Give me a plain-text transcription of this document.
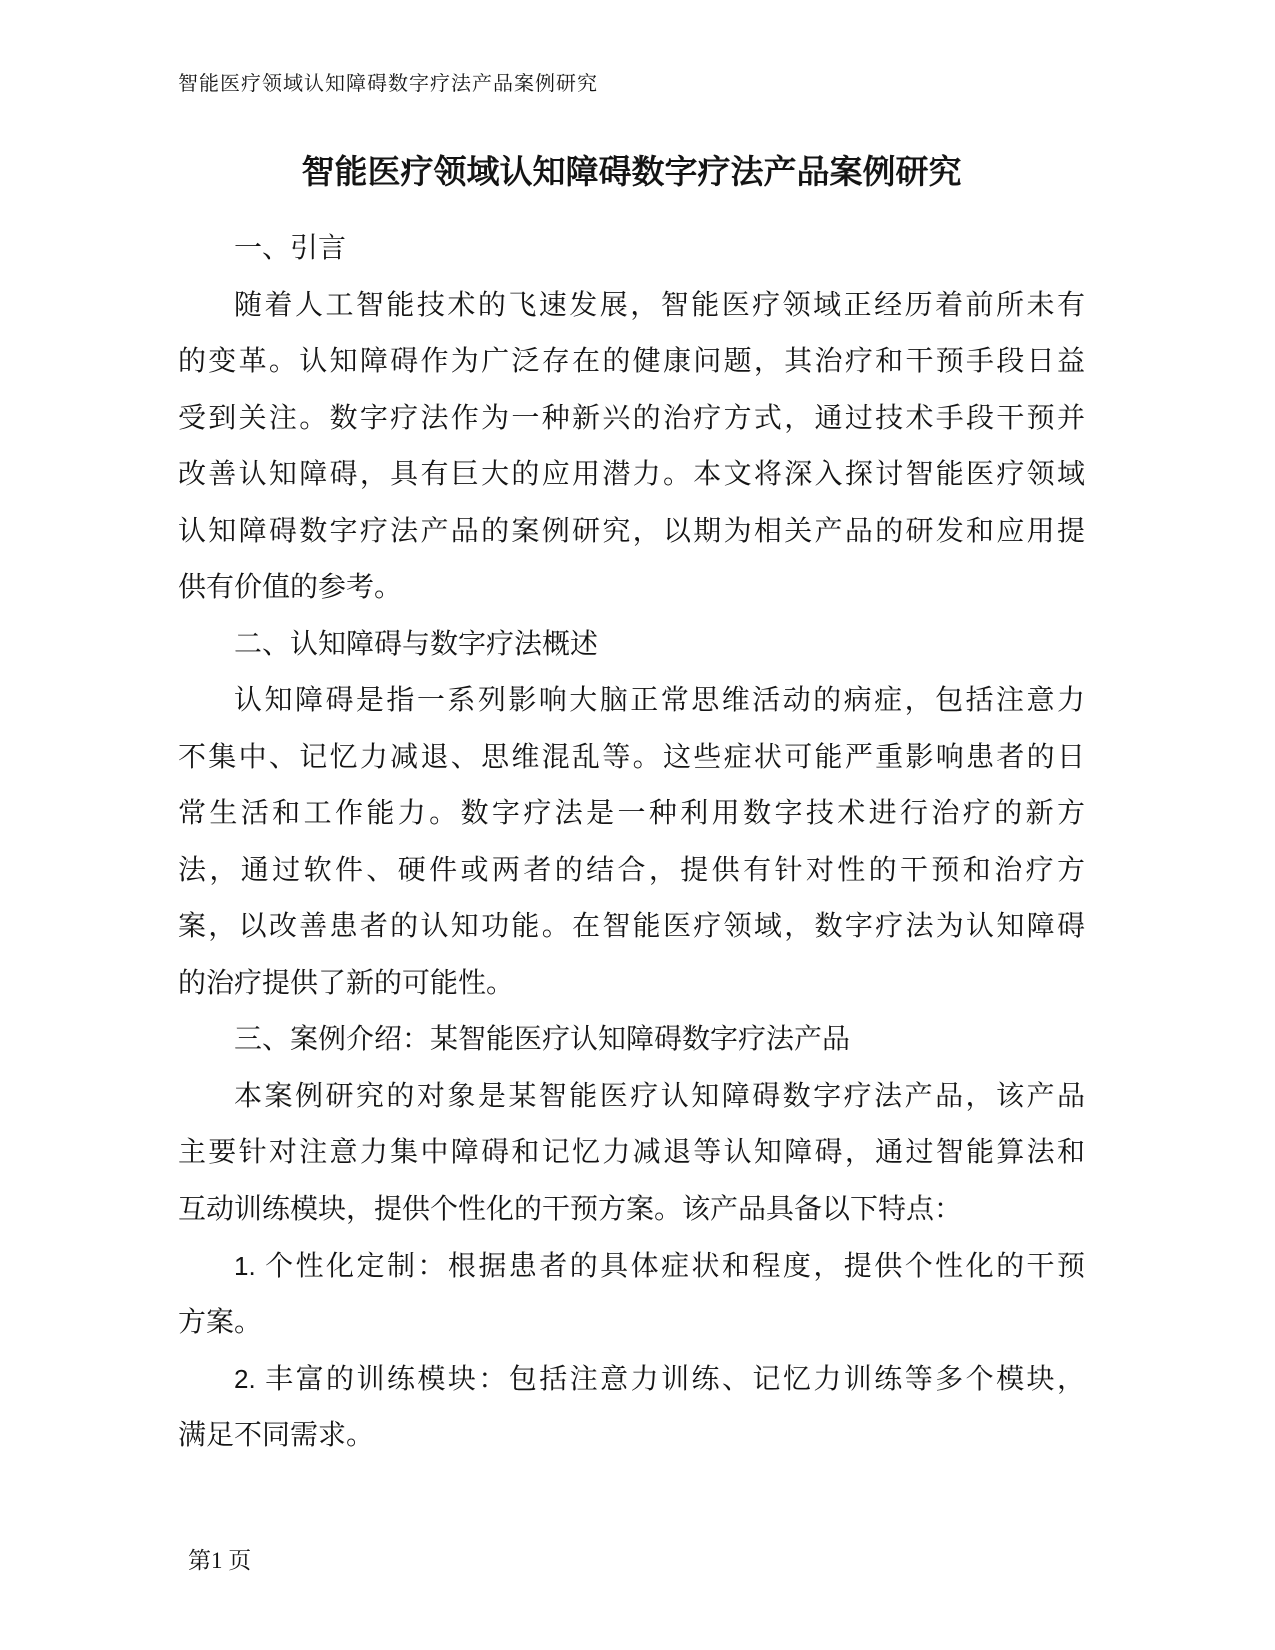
智能医疗领域认知障碍数字疗法产品案例研究
智能医疗领域认知障碍数字疗法产品案例研究
一、引言
随着人工智能技术的飞速发展，智能医疗领域正经历着前所未有
的变革。认知障碍作为广泛存在的健康问题，其治疗和干预手段日益
受到关注。数字疗法作为一种新兴的治疗方式，通过技术手段干预并
改善认知障碍，具有巨大的应用潜力。本文将深入探讨智能医疗领域
认知障碍数字疗法产品的案例研究，以期为相关产品的研发和应用提
供有价值的参考。
二、认知障碍与数字疗法概述
认知障碍是指一系列影响大脑正常思维活动的病症，包括注意力
不集中、记忆力减退、思维混乱等。这些症状可能严重影响患者的日
常生活和工作能力。数字疗法是一种利用数字技术进行治疗的新方
法，通过软件、硬件或两者的结合，提供有针对性的干预和治疗方
案，以改善患者的认知功能。在智能医疗领域，数字疗法为认知障碍
的治疗提供了新的可能性。
三、案例介绍：某智能医疗认知障碍数字疗法产品
本案例研究的对象是某智能医疗认知障碍数字疗法产品，该产品
主要针对注意力集中障碍和记忆力减退等认知障碍，通过智能算法和
互动训练模块，提供个性化的干预方案。该产品具备以下特点：
1. 个性化定制：根据患者的具体症状和程度，提供个性化的干预
方案。
2. 丰富的训练模块：包括注意力训练、记忆力训练等多个模块，
满足不同需求。
第1 页
